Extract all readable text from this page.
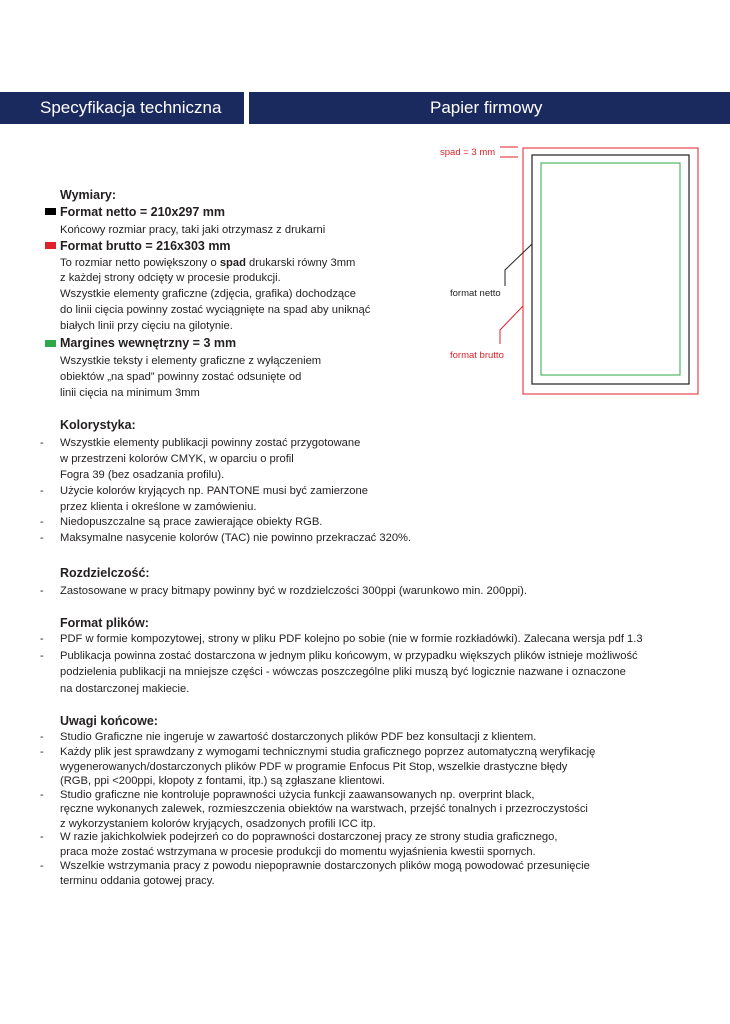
Specyfikacja techniczna	Papier firmowy
spad = 3 mm
format netto
format brutto
Wymiary:
Format netto = 210x297 mm
Końcowy rozmiar pracy, taki jaki otrzymasz z drukarni
Format brutto = 216x303 mm
To rozmiar netto powiększony o spad drukarski równy 3mm
z każdej strony odcięty w procesie produkcji.
Wszystkie elementy graficzne (zdjęcia, grafika) dochodzące
do linii cięcia powinny zostać wyciągnięte na spad aby uniknąć
białych linii przy cięciu na gilotynie.
Margines wewnętrzny = 3 mm
Wszystkie teksty i elementy graficzne z wyłączeniem
obiektów „na spad” powinny zostać odsunięte od
linii cięcia na minimum 3mm
Kolorystyka:
- Wszystkie elementy publikacji powinny zostać przygotowane
w przestrzeni kolorów CMYK, w oparciu o profil
Fogra 39 (bez osadzania profilu).
- Użycie kolorów kryjących np. PANTONE musi być zamierzone
przez klienta i określone w zamówieniu.
- Niedopuszczalne są prace zawierające obiekty RGB.
- Maksymalne nasycenie kolorów (TAC) nie powinno przekraczać 320%.
Rozdzielczość:
- Zastosowane w pracy bitmapy powinny być w rozdzielczości 300ppi (warunkowo min. 200ppi).
Format plików:
- PDF w formie kompozytowej, strony w pliku PDF kolejno po sobie (nie w formie rozkładówki). Zalecana wersja pdf 1.3
- Publikacja powinna zostać dostarczona w jednym pliku końcowym, w przypadku większych plików istnieje możliwość
podzielenia publikacji na mniejsze części - wówczas poszczególne pliki muszą być logicznie nazwane i oznaczone
na dostarczonej makiecie.
Uwagi końcowe:
- Studio Graficzne nie ingeruje w zawartość dostarczonych plików PDF bez konsultacji z klientem.
- Każdy plik jest sprawdzany z wymogami technicznymi studia graficznego poprzez automatyczną weryfikację
wygenerowanych/dostarczonych plików PDF w programie Enfocus Pit Stop, wszelkie drastyczne błędy
(RGB, ppi <200ppi, kłopoty z fontami, itp.) są zgłaszane klientowi.
- Studio graficzne nie kontroluje poprawności użycia funkcji zaawansowanych np. overprint black,
ręczne wykonanych zalewek, rozmieszczenia obiektów na warstwach, przejść tonalnych i przezroczystości
z wykorzystaniem kolorów kryjących, osadzonych profili ICC itp.
- W razie jakichkolwiek podejrzeń co do poprawności dostarczonej pracy ze strony studia graficznego,
praca może zostać wstrzymana w procesie produkcji do momentu wyjaśnienia kwestii spornych.
- Wszelkie wstrzymania pracy z powodu niepoprawnie dostarczonych plików mogą powodować przesunięcie
terminu oddania gotowej pracy.
